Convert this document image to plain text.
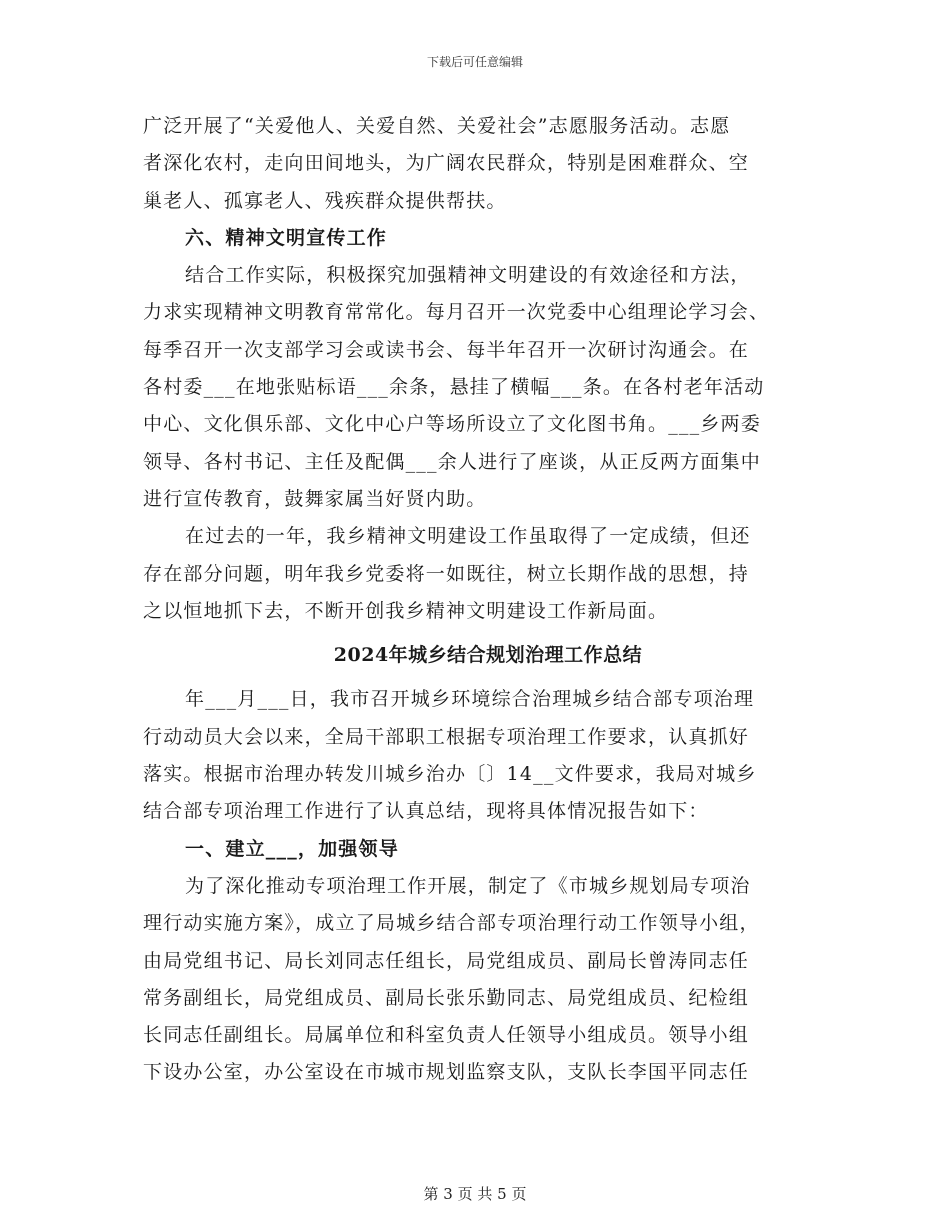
下载后可任意编辑
广泛开展了“关爱他人、关爱自然、关爱社会”志愿服务活动。志愿
者深化农村，走向田间地头，为广阔农民群众，特别是困难群众、空
巢老人、孤寡老人、残疾群众提供帮扶。
六、精神文明宣传工作
结合工作实际，积极探究加强精神文明建设的有效途径和方法，
力求实现精神文明教育常常化。每月召开一次党委中心组理论学习会、
每季召开一次支部学习会或读书会、每半年召开一次研讨沟通会。在
各村委___在地张贴标语___余条，悬挂了横幅___条。在各村老年活动
中心、文化俱乐部、文化中心户等场所设立了文化图书角。___乡两委
领导、各村书记、主任及配偶___余人进行了座谈，从正反两方面集中
进行宣传教育，鼓舞家属当好贤内助。
在过去的一年，我乡精神文明建设工作虽取得了一定成绩，但还
存在部分问题，明年我乡党委将一如既往，树立长期作战的思想，持
之以恒地抓下去，不断开创我乡精神文明建设工作新局面。
2024年城乡结合规划治理工作总结
年___月___日，我市召开城乡环境综合治理城乡结合部专项治理
行动动员大会以来，全局干部职工根据专项治理工作要求，认真抓好
落实。根据市治理办转发川城乡治办〔〕14__文件要求，我局对城乡
结合部专项治理工作进行了认真总结，现将具体情况报告如下：
一、建立___，加强领导
为了深化推动专项治理工作开展，制定了《市城乡规划局专项治
理行动实施方案》，成立了局城乡结合部专项治理行动工作领导小组，
由局党组书记、局长刘同志任组长，局党组成员、副局长曾涛同志任
常务副组长，局党组成员、副局长张乐勤同志、局党组成员、纪检组
长同志任副组长。局属单位和科室负责人任领导小组成员。领导小组
下设办公室，办公室设在市城市规划监察支队，支队长李国平同志任
第 3 页 共 5 页
